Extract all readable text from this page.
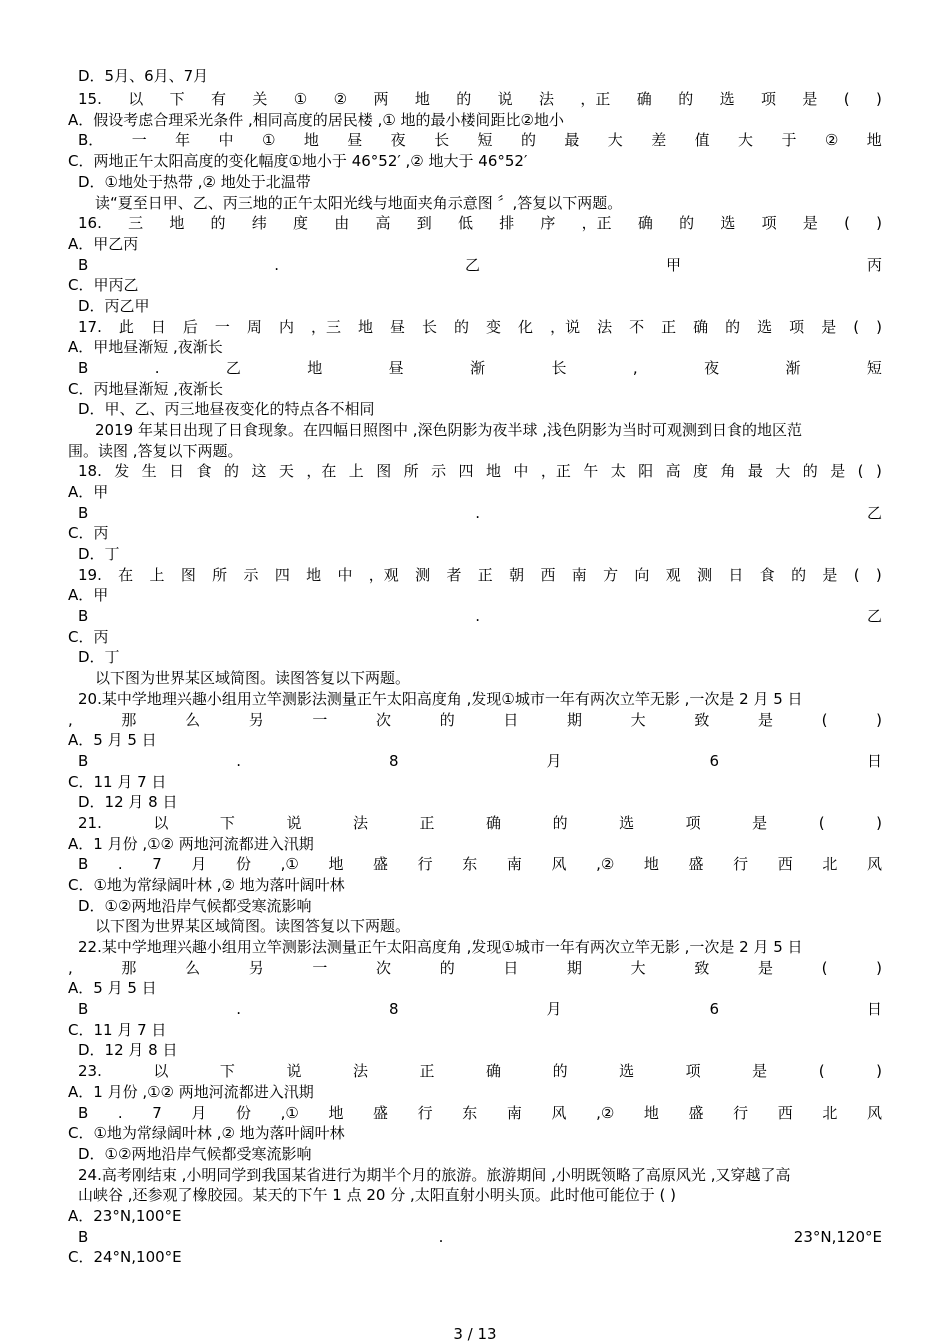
D．5月、6月、7月
15. 以 下 有 关 ① ② 两 地 的 说 法 ，正 确 的 选 项 是 ( )
A．假设考虑合理采光条件 ,相同高度的居民楼 ,① 地的最小楼间距比②地小
B． 一 年 中 ① 地 昼 夜 长 短 的 最 大 差 值 大 于 ② 地
C．两地正午太阳高度的变化幅度①地小于 46°52′ ,② 地大于 46°52′
D．①地处于热带 ,② 地处于北温带
读“夏至日甲、乙、丙三地的正午太阳光线与地面夹角示意图 〞,答复以下两题。
16. 三 地 的 纬 度 由 高 到 低 排 序 ，正 确 的 选 项 是 ( )
A．甲乙丙
B	.	乙	甲	丙
C．甲丙乙
D．丙乙甲
17. 此 日 后 一 周 内 ，三 地 昼 长 的 变 化 ，说 法 不 正 确 的 选 项 是 ( )
A．甲地昼渐短 ,夜渐长
B	.	乙	地	昼	渐	长	,	夜	渐	短
C．丙地昼渐短 ,夜渐长
D．甲、乙、丙三地昼夜变化的特点各不相同
2019 年某日出现了日食现象。在四幅日照图中 ,深色阴影为夜半球 ,浅色阴影为当时可观测到日食的地区范
围。读图 ,答复以下两题。
18. 发 生 日 食 的 这 天 ，在 上 图 所 示 四 地 中 ，正 午 太 阳 高 度 角 最 大 的 是 ( )
A．甲
B	.	乙
C．丙
D．丁
19. 在 上 图 所 示 四 地 中 ，观 测 者 正 朝 西 南 方 向 观 测 日 食 的 是 ( )
A．甲
B	.	乙
C．丙
D．丁
以下图为世界某区域简图。读图答复以下两题。
20.某中学地理兴趣小组用立竿测影法测量正午太阳高度角 ,发现①城市一年有两次立竿无影 ,一次是 2 月 5 日
,	那	么	另	一	次	的	日	期	大	致	是	(	)
A．5 月 5 日
B	.	8	月	6	日
C．11 月 7 日
D．12 月 8 日
21.	以	下	说	法	正	确	的	选	项	是	(	)
A．1 月份 ,①② 两地河流都进入汛期
B . 7 月 份 ,① 地 盛 行 东 南 风 ,② 地 盛 行 西 北 风
C．①地为常绿阔叶林 ,② 地为落叶阔叶林
D．①②两地沿岸气候都受寒流影响
以下图为世界某区域简图。读图答复以下两题。
22.某中学地理兴趣小组用立竿测影法测量正午太阳高度角 ,发现①城市一年有两次立竿无影 ,一次是 2 月 5 日
,	那	么	另	一	次	的	日	期	大	致	是	(	)
A．5 月 5 日
B	.	8	月	6	日
C．11 月 7 日
D．12 月 8 日
23.	以	下	说	法	正	确	的	选	项	是	(	)
A．1 月份 ,①② 两地河流都进入汛期
B . 7 月 份 ,① 地 盛 行 东 南 风 ,② 地 盛 行 西 北 风
C．①地为常绿阔叶林 ,② 地为落叶阔叶林
D．①②两地沿岸气候都受寒流影响
24.高考刚结束 ,小明同学到我国某省进行为期半个月的旅游。旅游期间 ,小明既领略了高原风光 ,又穿越了高
山峡谷 ,还参观了橡胶园。某天的下午 1 点 20 分 ,太阳直射小明头顶。此时他可能位于 ( )
A．23°N,100°E
B	.	23°N,120°E
C．24°N,100°E
3 / 13
